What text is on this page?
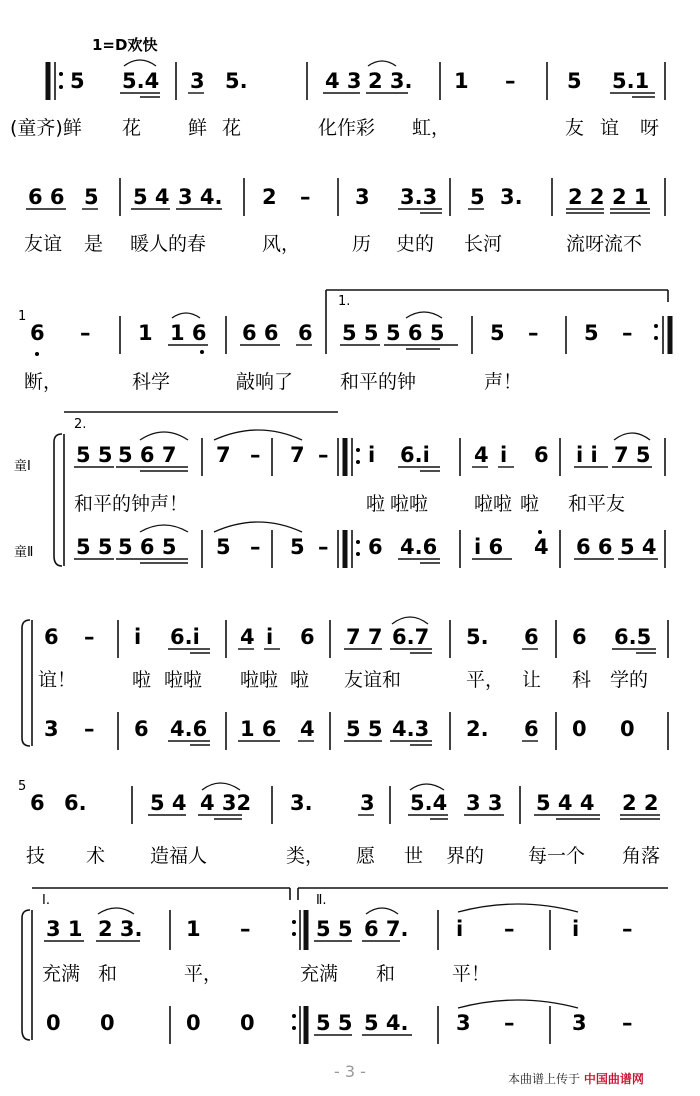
1=D欢快
5 5.4 3 5.	4 3 2 3. 1 – 5 5.1
(童齐)鲜 花 鲜 花	化作彩 虹，	友 谊 呀
6 6 5 5 4 3 4. 2 – 3 3.3 5 3. 2 2 2 1
友谊 是 暖人的春	风，	历 史的 长河	流呀流不
1
6 – 1 1 6 6 6 6
1.
5 5 5 6 5 5 – 5 –
断，	科学	敲响了 和平的钟	声！
童Ⅰ
童Ⅱ
2.
5 5 5 6 7 7 – 7 – i 6.i 4 i 6 i i 7 5
和平的钟声！	啦 啦啦 啦啦 啦 和平友
5 5 5 6 5 5 – 5 – 6 4.6 i 6 4 6 6 5 4
6 – i 6.i 4 i 6 7 7 6.7 5. 6 6 6.5
谊！	啦 啦啦 啦啦 啦 友谊和	平， 让 科 学的
3 – 6 4.6 1 6 4 5 5 4.3 2. 6 0 0
5
6 6.	5 4 4 32 3. 3 5.4 3 3 5 4 4 2 2
技 术 造福人	类， 愿 世 界的 每一个 角落
Ⅰ.	Ⅱ.
3 1 2 3. 1 –	5 5 6 7. i –	i –
充满 和	平，	充满 和	平！
0 0	0 0	5 5 5 4. 3 –	3 –
- 3 -	本曲谱上传于 中国曲谱网
